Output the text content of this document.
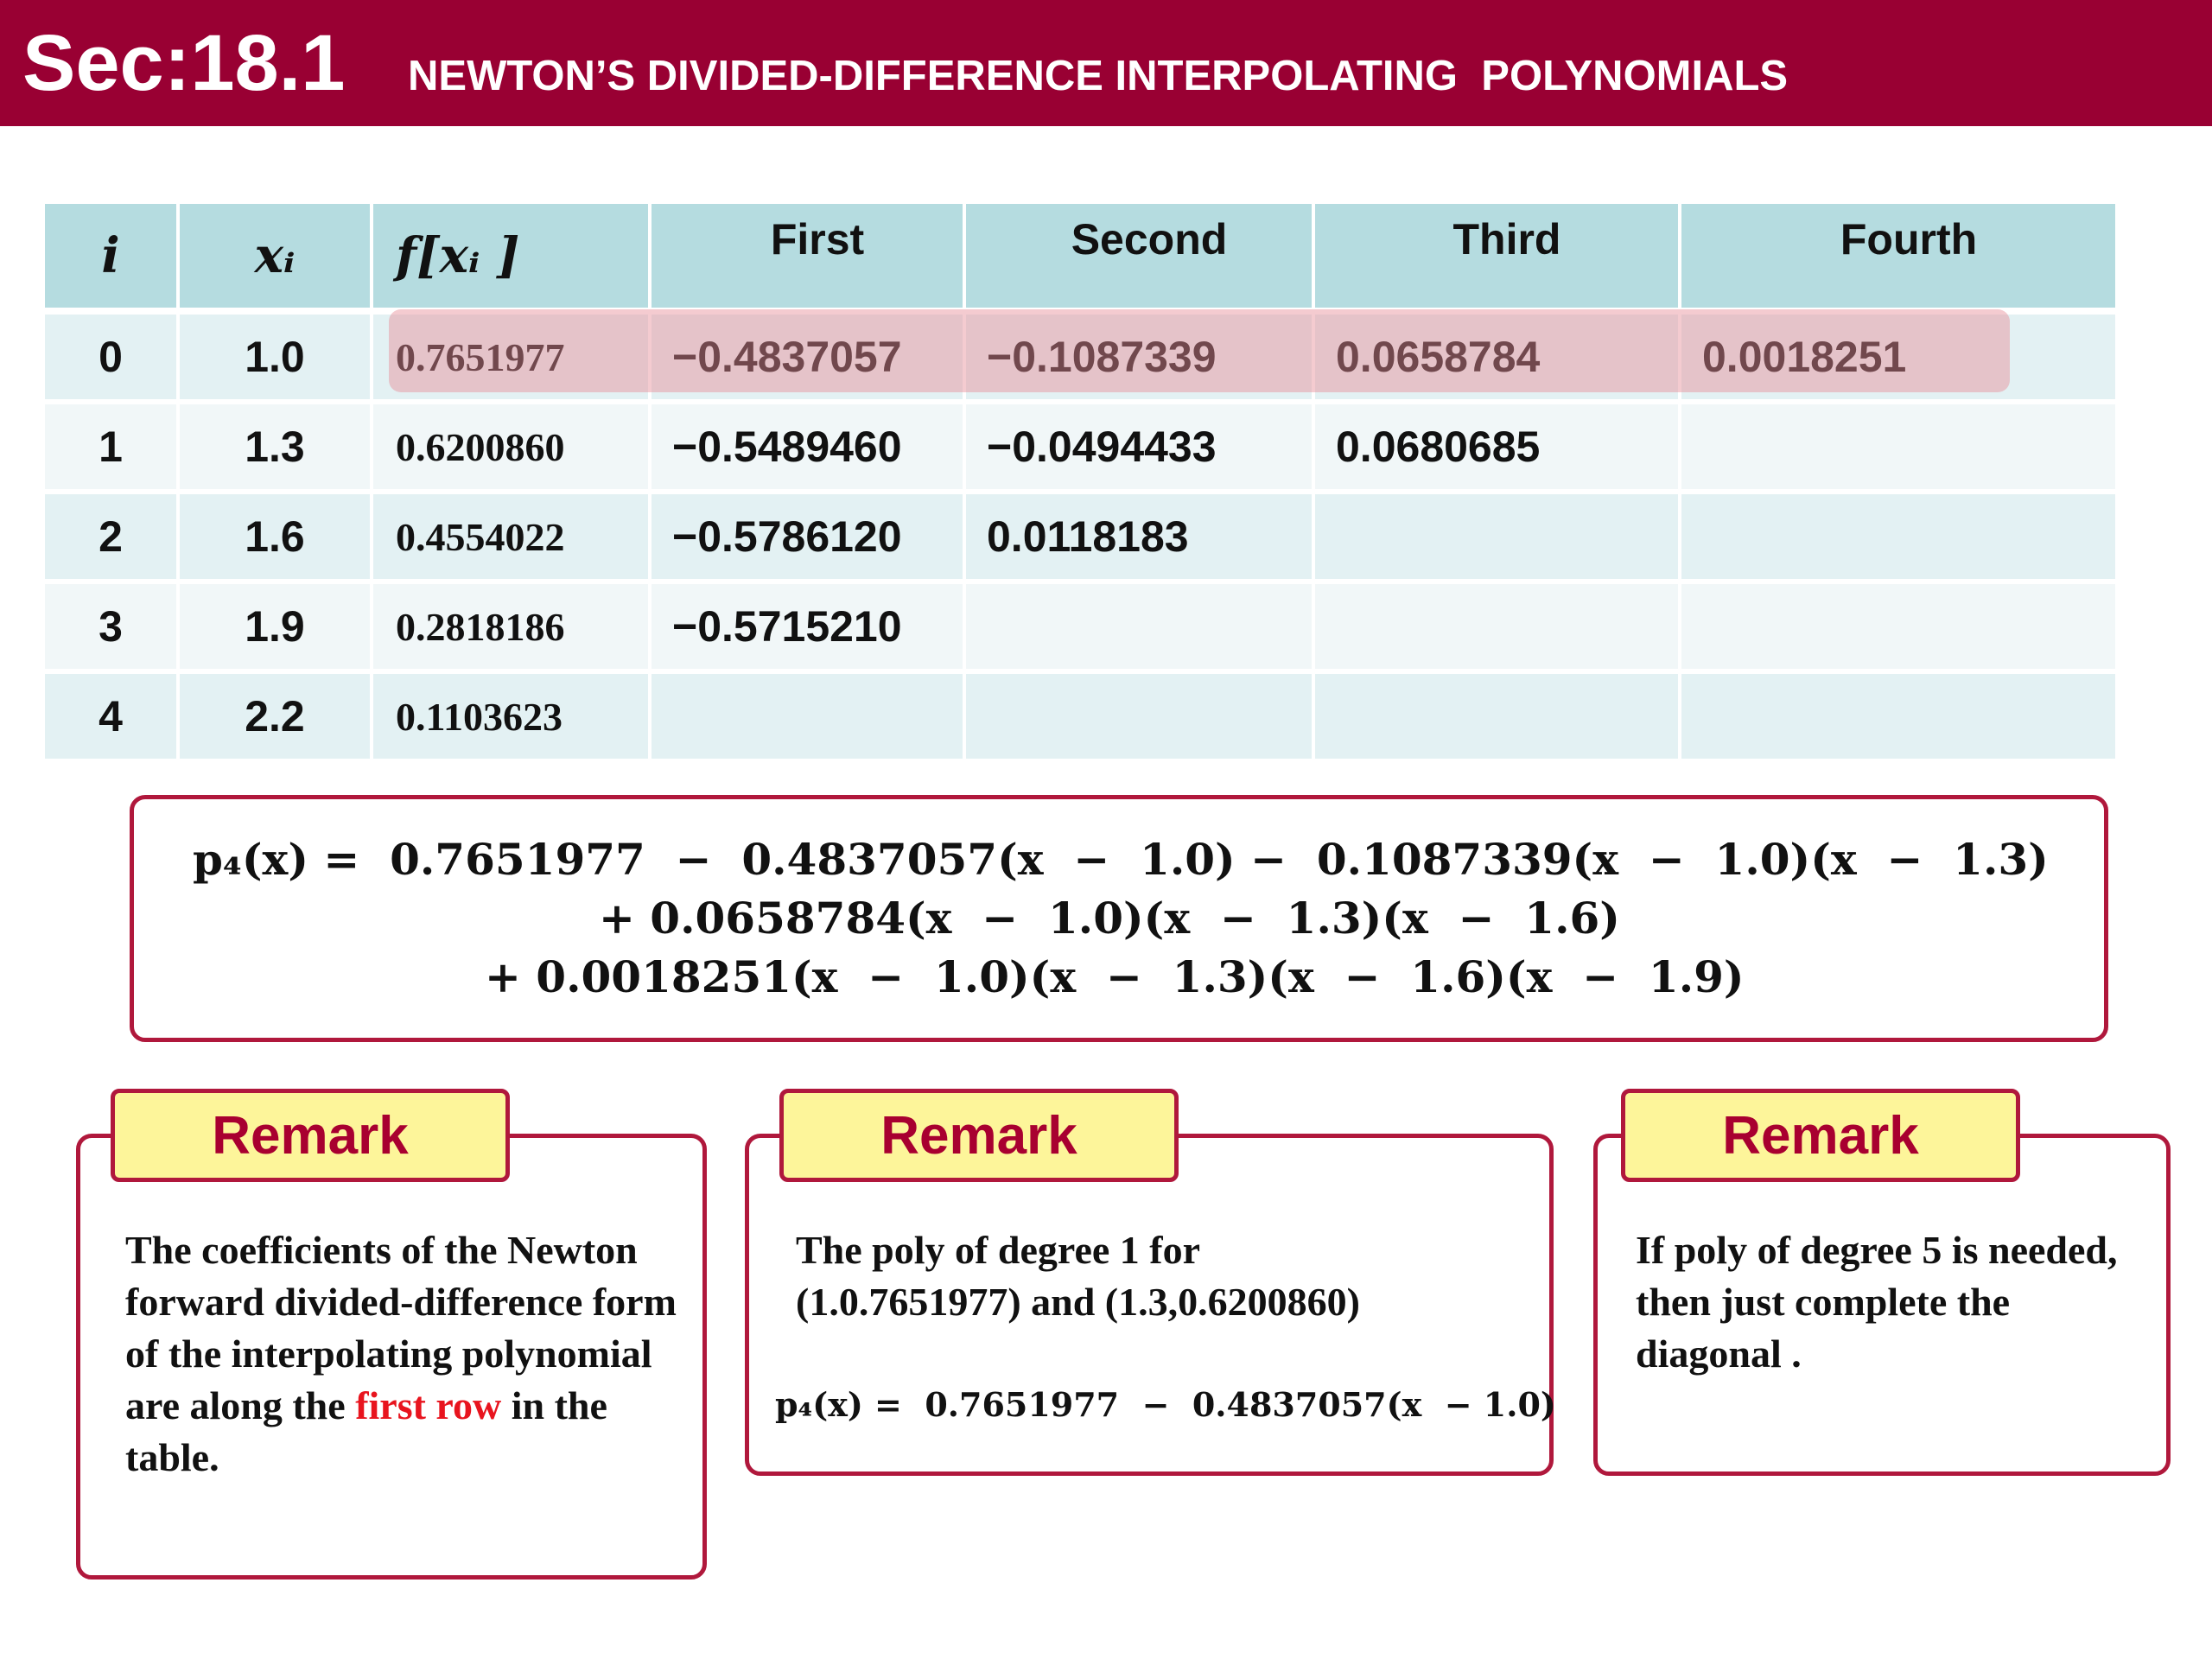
Sec:18.1 NEWTON’S DIVIDED-DIFFERENCE INTERPOLATING  POLYNOMIALS
i	xᵢ	f[xᵢ ]	First	Second	Third	Fourth
0	1.0	0.7651977	−0.4837057	−0.1087339	0.0658784	0.0018251
1	1.3	0.6200860	−0.5489460	−0.0494433	0.0680685
2	1.6	0.4554022	−0.5786120	0.0118183
3	1.9	0.2818186	−0.5715210
4	2.2	0.1103623
p₄(x) =  0.7651977  −  0.4837057(x  −  1.0) −  0.1087339(x  −  1.0)(x  −  1.3)
+ 0.0658784(x  −  1.0)(x  −  1.3)(x  −  1.6)
+ 0.0018251(x  −  1.0)(x  −  1.3)(x  −  1.6)(x  −  1.9)
The coefficients of the Newton forward divided-difference form of the interpolating polynomial are along the first row in the table.
Remark
The poly of degree 1 for
(1.0.7651977) and (1.3,0.6200860)
p₄(x) =  0.7651977  −  0.4837057(x  − 1.0)
Remark
If poly of degree 5 is needed, then just complete the diagonal .
Remark
